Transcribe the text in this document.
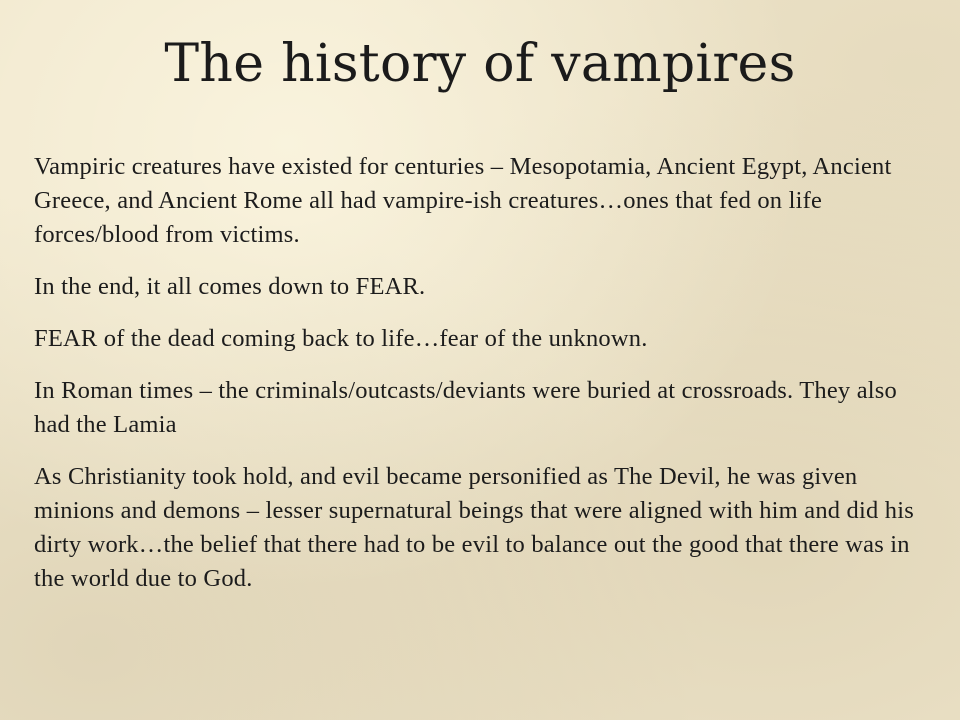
The history of vampires

Vampiric creatures have existed for centuries – Mesopotamia, Ancient Egypt, Ancient Greece, and Ancient Rome all had vampire-ish creatures…ones that fed on life forces/blood from victims.

In the end, it all comes down to FEAR.

FEAR of the dead coming back to life…fear of the unknown.

In Roman times – the criminals/outcasts/deviants were buried at crossroads. They also had the Lamia

As Christianity took hold, and evil became personified as The Devil, he was given minions and demons – lesser supernatural beings that were aligned with him and did his dirty work…the belief that there had to be evil to balance out the good that there was in the world due to God.
